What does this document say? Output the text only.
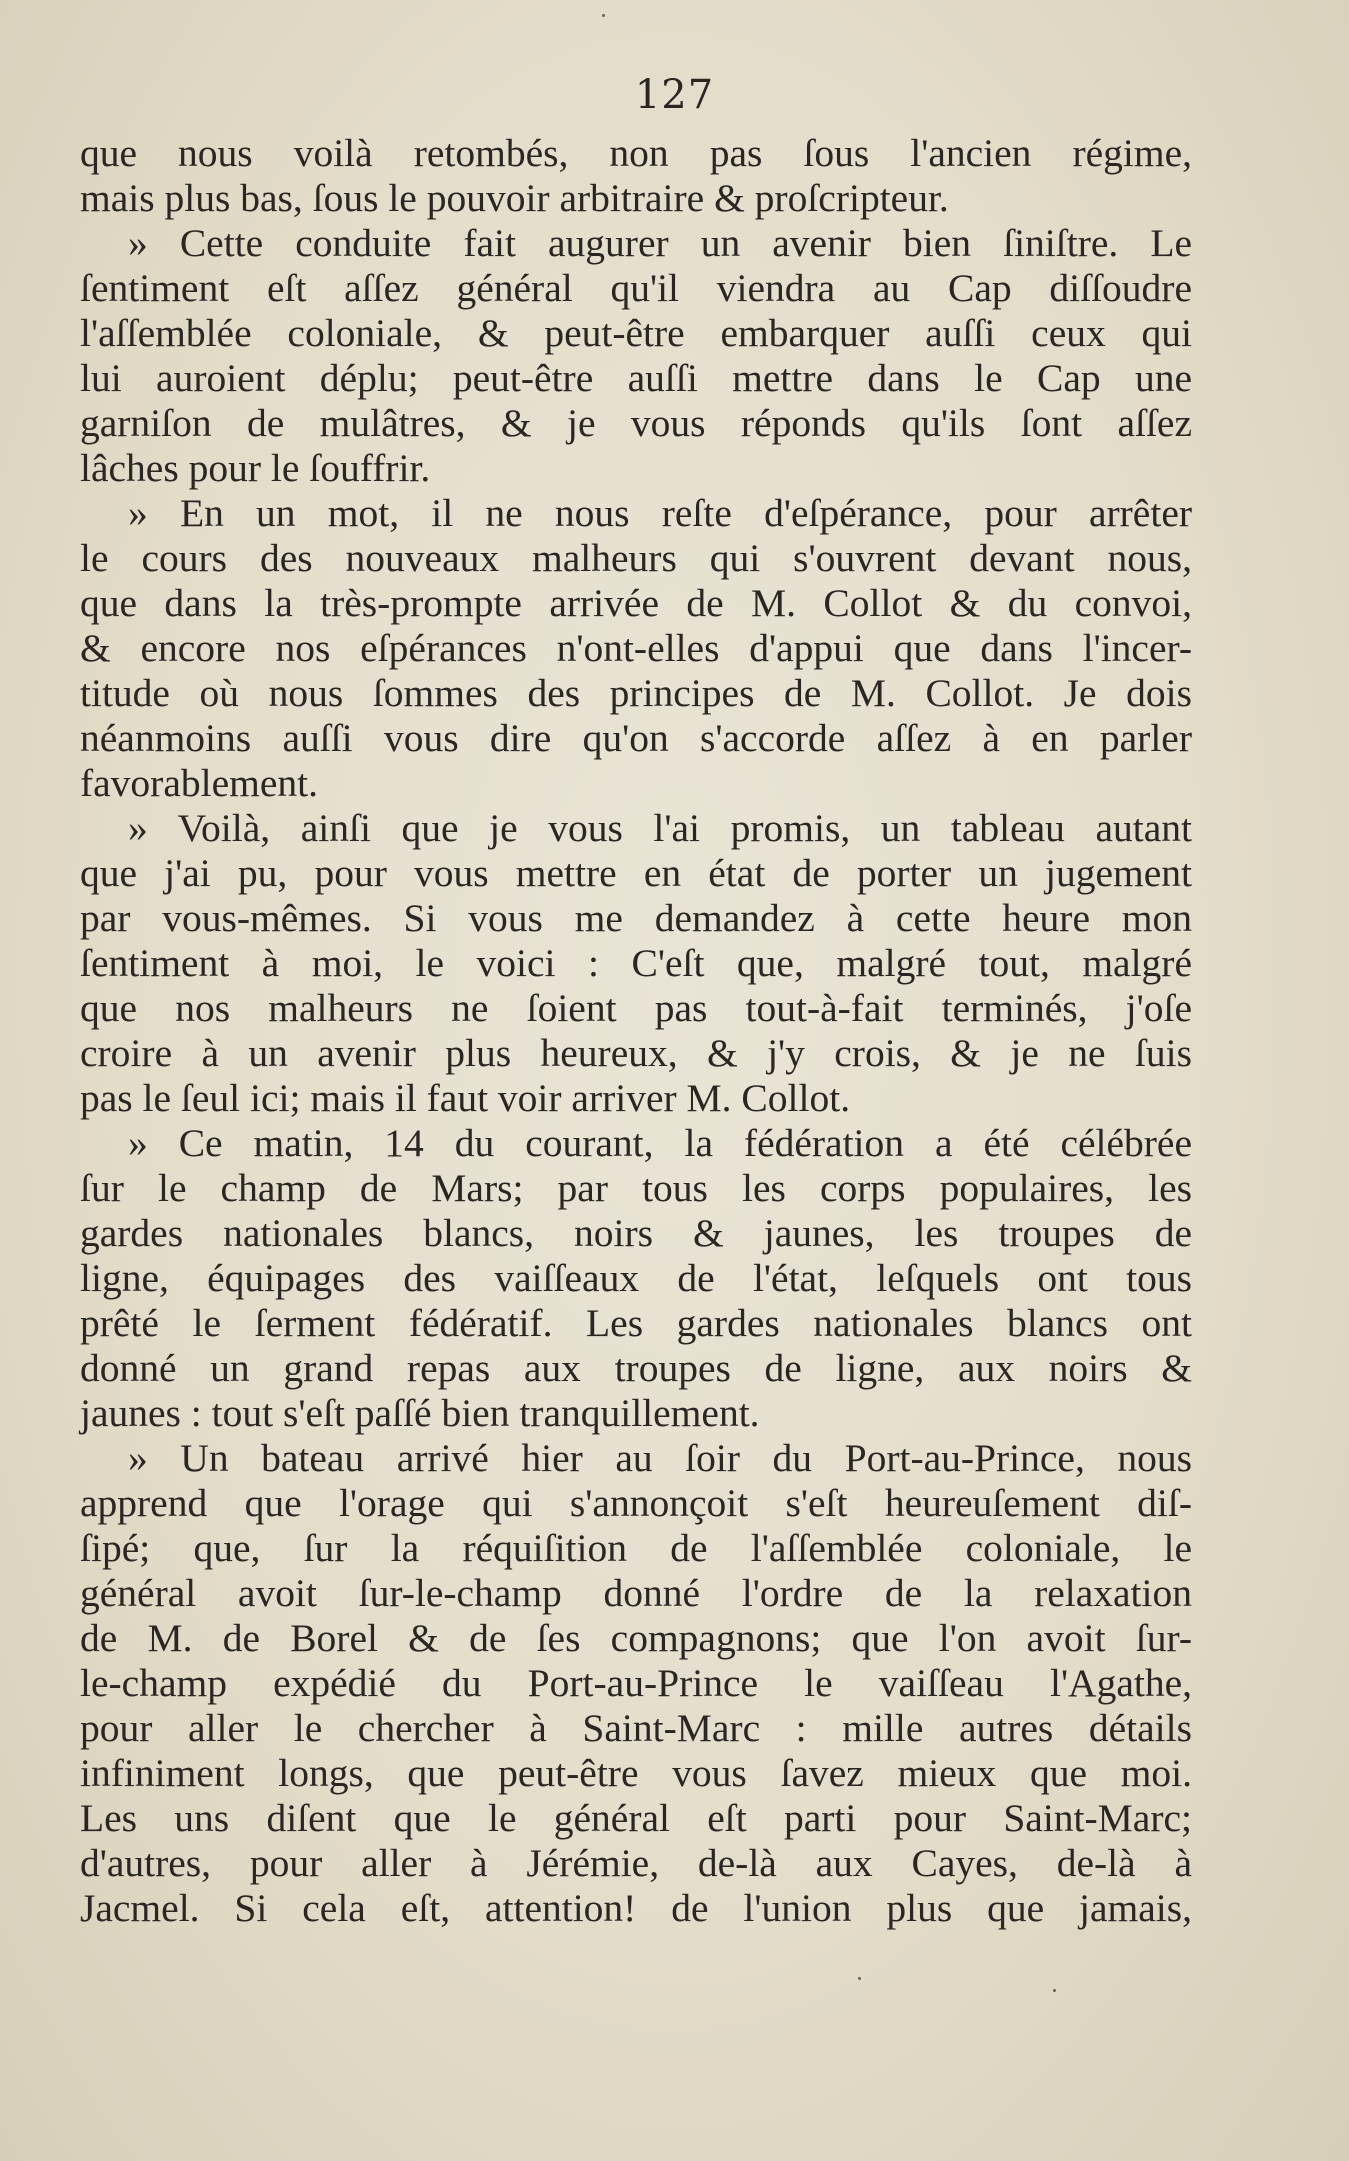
127
que nous voilà retombés, non pas ſous l'ancien régime,
mais plus bas, ſous le pouvoir arbitraire & proſcripteur.
» Cette conduite fait augurer un avenir bien ſiniſtre. Le
ſentiment eſt aſſez général qu'il viendra au Cap diſſoudre
l'aſſemblée coloniale, & peut-être embarquer auſſi ceux qui
lui auroient déplu; peut-être auſſi mettre dans le Cap une
garniſon de mulâtres, & je vous réponds qu'ils ſont aſſez
lâches pour le ſouffrir.
» En un mot, il ne nous reſte d'eſpérance, pour arrêter
le cours des nouveaux malheurs qui s'ouvrent devant nous,
que dans la très-prompte arrivée de M. Collot & du convoi,
& encore nos eſpérances n'ont-elles d'appui que dans l'incer-
titude où nous ſommes des principes de M. Collot. Je dois
néanmoins auſſi vous dire qu'on s'accorde aſſez à en parler
favorablement.
» Voilà, ainſi que je vous l'ai promis, un tableau autant
que j'ai pu, pour vous mettre en état de porter un jugement
par vous-mêmes. Si vous me demandez à cette heure mon
ſentiment à moi, le voici : C'eſt que, malgré tout, malgré
que nos malheurs ne ſoient pas tout-à-fait terminés, j'oſe
croire à un avenir plus heureux, & j'y crois, & je ne ſuis
pas le ſeul ici; mais il faut voir arriver M. Collot.
» Ce matin, 14 du courant, la fédération a été célébrée
ſur le champ de Mars; par tous les corps populaires, les
gardes nationales blancs, noirs & jaunes, les troupes de
ligne, équipages des vaiſſeaux de l'état, leſquels ont tous
prêté le ſerment fédératif. Les gardes nationales blancs ont
donné un grand repas aux troupes de ligne, aux noirs &
jaunes : tout s'eſt paſſé bien tranquillement.
» Un bateau arrivé hier au ſoir du Port-au-Prince, nous
apprend que l'orage qui s'annonçoit s'eſt heureuſement diſ-
ſipé; que, ſur la réquiſition de l'aſſemblée coloniale, le
général avoit ſur-le-champ donné l'ordre de la relaxation
de M. de Borel & de ſes compagnons; que l'on avoit ſur-
le-champ expédié du Port-au-Prince le vaiſſeau l'Agathe,
pour aller le chercher à Saint-Marc : mille autres détails
infiniment longs, que peut-être vous ſavez mieux que moi.
Les uns diſent que le général eſt parti pour Saint-Marc;
d'autres, pour aller à Jérémie, de-là aux Cayes, de-là à
Jacmel. Si cela eſt, attention! de l'union plus que jamais,
